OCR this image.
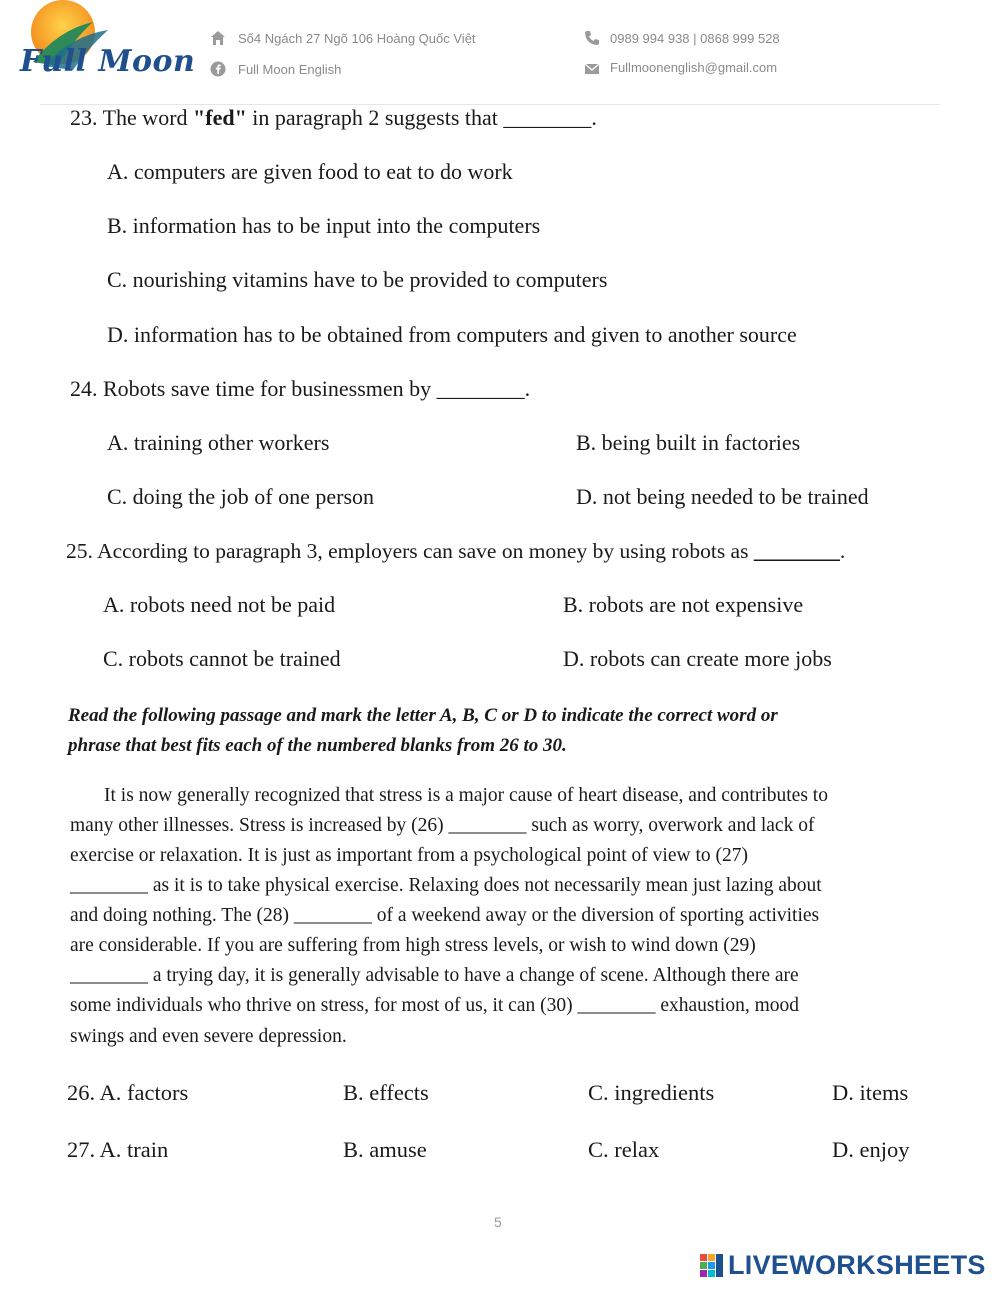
Full Moon
Số4 Ngách 27 Ngõ 106 Hoàng Quốc Việt
Full Moon English
0989 994 938 | 0868 999 528
Fullmoonenglish@gmail.com
23. The word "fed" in paragraph 2 suggests that ________.
A. computers are given food to eat to do work
B. information has to be input into the computers
C. nourishing vitamins have to be provided to computers
D. information has to be obtained from computers and given to another source
24. Robots save time for businessmen by ________.
A. training other workers	B. being built in factories
C. doing the job of one person	D. not being needed to be trained
25. According to paragraph 3, employers can save on money by using robots as ________.
A. robots need not be paid	B. robots are not expensive
C. robots cannot be trained	D. robots can create more jobs
Read the following passage and mark the letter A, B, C or D to indicate the correct word or
phrase that best fits each of the numbered blanks from 26 to 30.
It is now generally recognized that stress is a major cause of heart disease, and contributes to
many other illnesses. Stress is increased by (26) ________ such as worry, overwork and lack of
exercise or relaxation. It is just as important from a psychological point of view to (27)
________ as it is to take physical exercise. Relaxing does not necessarily mean just lazing about
and doing nothing. The (28) ________ of a weekend away or the diversion of sporting activities
are considerable. If you are suffering from high stress levels, or wish to wind down (29)
________ a trying day, it is generally advisable to have a change of scene. Although there are
some individuals who thrive on stress, for most of us, it can (30) ________ exhaustion, mood
swings and even severe depression.
26. A. factors	B. effects	C. ingredients	D. items
27. A. train	B. amuse	C. relax	D. enjoy
5
LIVEWORKSHEETS
